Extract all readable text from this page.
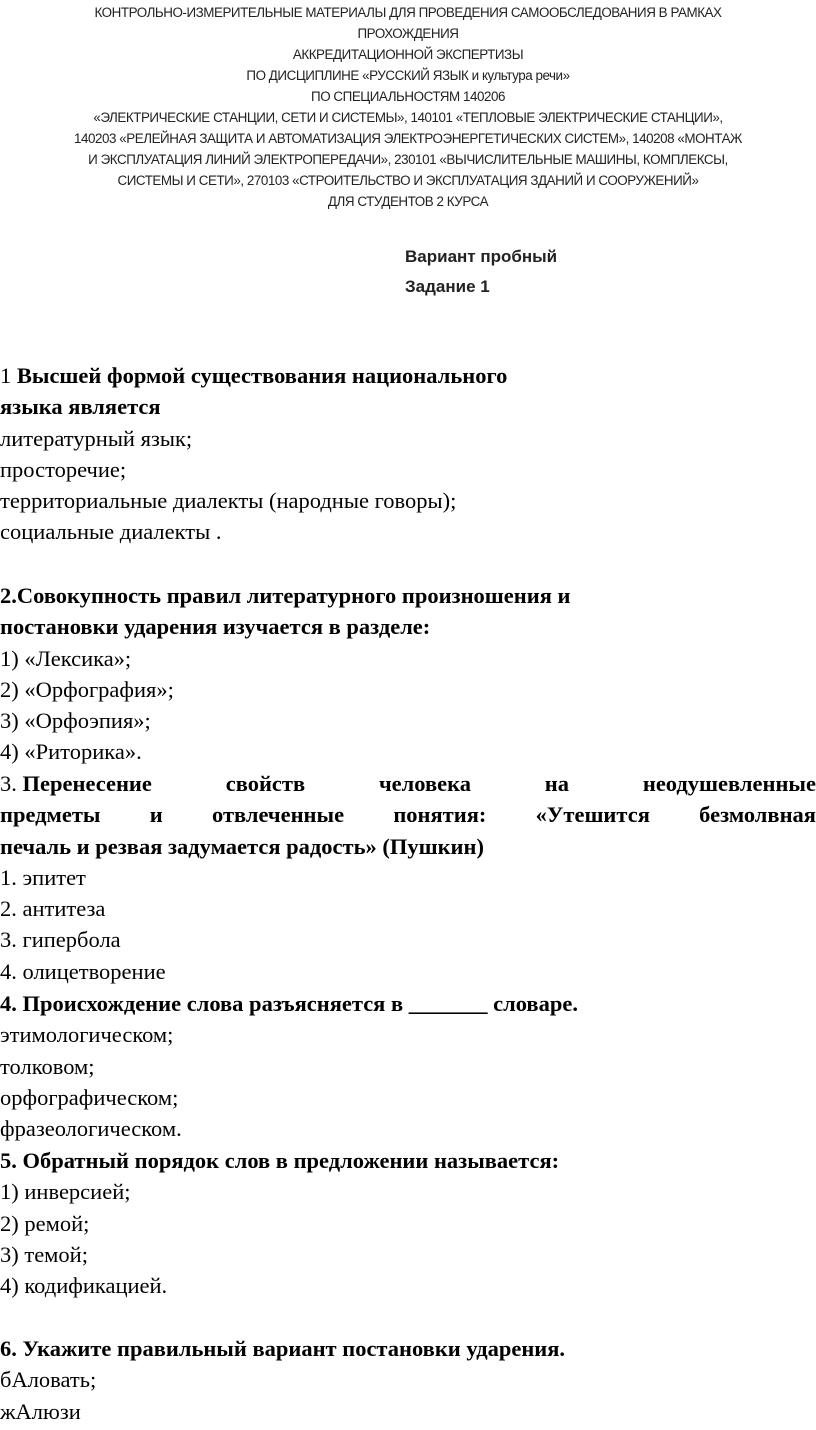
КОНТРОЛЬНО-ИЗМЕРИТЕЛЬНЫЕ МАТЕРИАЛЫ ДЛЯ ПРОВЕДЕНИЯ САМООБСЛЕДОВАНИЯ В РАМКАХ
ПРОХОЖДЕНИЯ
АККРЕДИТАЦИОННОЙ ЭКСПЕРТИЗЫ
ПО ДИСЦИПЛИНЕ «РУССКИЙ ЯЗЫК и культура речи»
ПО СПЕЦИАЛЬНОСТЯМ 140206
«ЭЛЕКТРИЧЕСКИЕ СТАНЦИИ, СЕТИ И СИСТЕМЫ», 140101 «ТЕПЛОВЫЕ ЭЛЕКТРИЧЕСКИЕ СТАНЦИИ»,
140203 «РЕЛЕЙНАЯ ЗАЩИТА И АВТОМАТИЗАЦИЯ ЭЛЕКТРОЭНЕРГЕТИЧЕСКИХ СИСТЕМ», 140208 «МОНТАЖ
И ЭКСПЛУАТАЦИЯ ЛИНИЙ ЭЛЕКТРОПЕРЕДАЧИ», 230101 «ВЫЧИСЛИТЕЛЬНЫЕ МАШИНЫ, КОМПЛЕКСЫ,
СИСТЕМЫ И СЕТИ», 270103 «СТРОИТЕЛЬСТВО И ЭКСПЛУАТАЦИЯ ЗДАНИЙ И СООРУЖЕНИЙ»
ДЛЯ СТУДЕНТОВ 2 КУРСА
Вариант пробный
Задание 1
1 Высшей формой существования национального
языка является
литературный язык;
просторечие;
территориальные диалекты (народные говоры);
социальные диалекты .
2.Совокупность правил литературного произношения и
постановки ударения изучается в разделе:
1) «Лексика»;
2) «Орфография»;
3) «Орфоэпия»;
4) «Риторика».
3. Перенесение	свойств	человека	на	неодушевленные
предметы и отвлеченные понятия: «Утешится безмолвная
печаль и резвая задумается радость» (Пушкин)
1. эпитет
2. антитеза
3. гипербола
4. олицетворение
4. Происхождение слова разъясняется в _______ словаре.
этимологическом;
толковом;
орфографическом;
фразеологическом.
5. Обратный порядок слов в предложении называется:
1) инверсией;
2) ремой;
3) темой;
4) кодификацией.
6. Укажите правильный вариант постановки ударения.
бАловать;
жАлюзи
